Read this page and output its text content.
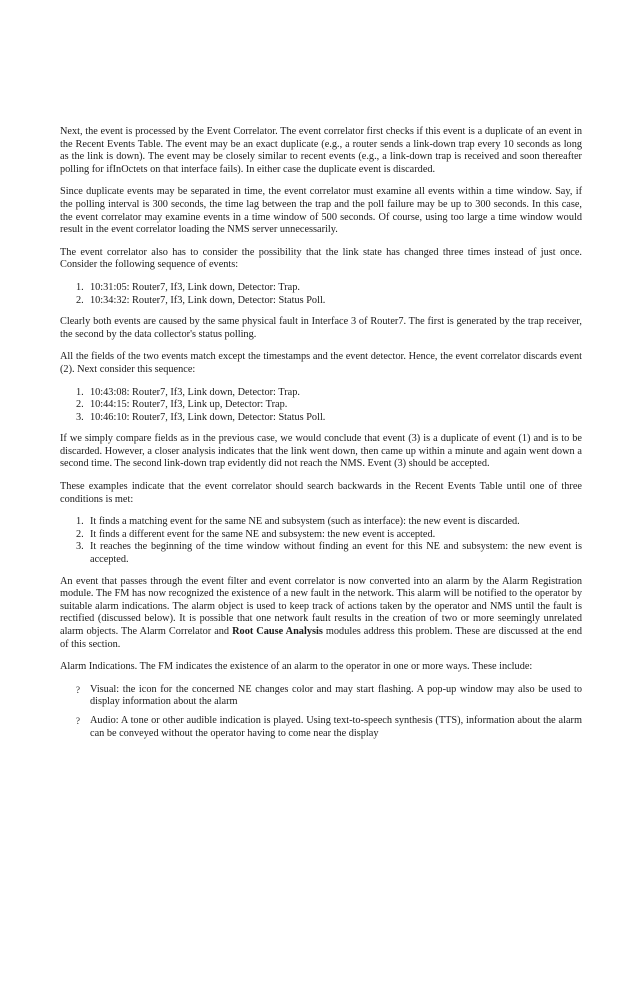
Next, the event is processed by the Event Correlator. The event correlator first checks if this event is a duplicate of an event in the Recent Events Table. The event may be an exact duplicate (e.g., a router sends a link-down trap every 10 seconds as long as the link is down). The event may be closely similar to recent events (e.g., a link-down trap is received and soon thereafter polling for ifInOctets on that interface fails). In either case the duplicate event is discarded.

Since duplicate events may be separated in time, the event correlator must examine all events within a time window. Say, if the polling interval is 300 seconds, the time lag between the trap and the poll failure may be up to 300 seconds. In this case, the event correlator may examine events in a time window of 500 seconds. Of course, using too large a time window would result in the event correlator loading the NMS server unnecessarily.

The event correlator also has to consider the possibility that the link state has changed three times instead of just once. Consider the following sequence of events:

1. 10:31:05: Router7, If3, Link down, Detector: Trap.
2. 10:34:32: Router7, If3, Link down, Detector: Status Poll.

Clearly both events are caused by the same physical fault in Interface 3 of Router7. The first is generated by the trap receiver, the second by the data collector's status polling.

All the fields of the two events match except the timestamps and the event detector. Hence, the event correlator discards event (2). Next consider this sequence:

1. 10:43:08: Router7, If3, Link down, Detector: Trap.
2. 10:44:15: Router7, If3, Link up, Detector: Trap.
3. 10:46:10: Router7, If3, Link down, Detector: Status Poll.

If we simply compare fields as in the previous case, we would conclude that event (3) is a duplicate of event (1) and is to be discarded. However, a closer analysis indicates that the link went down, then came up within a minute and again went down a second time. The second link-down trap evidently did not reach the NMS. Event (3) should be accepted.

These examples indicate that the event correlator should search backwards in the Recent Events Table until one of three conditions is met:

1. It finds a matching event for the same NE and subsystem (such as interface): the new event is discarded.
2. It finds a different event for the same NE and subsystem: the new event is accepted.
3. It reaches the beginning of the time window without finding an event for this NE and subsystem: the new event is accepted.

An event that passes through the event filter and event correlator is now converted into an alarm by the Alarm Registration module. The FM has now recognized the existence of a new fault in the network. This alarm will be notified to the operator by suitable alarm indications. The alarm object is used to keep track of actions taken by the operator and NMS until the fault is rectified (discussed below). It is possible that one network fault results in the creation of two or more seemingly unrelated alarm objects. The Alarm Correlator and Root Cause Analysis modules address this problem. These are discussed at the end of this section.

Alarm Indications. The FM indicates the existence of an alarm to the operator in one or more ways. These include:

? Visual: the icon for the concerned NE changes color and may start flashing. A pop-up window may also be used to display information about the alarm
? Audio: A tone or other audible indication is played. Using text-to-speech synthesis (TTS), information about the alarm can be conveyed without the operator having to come near the display
